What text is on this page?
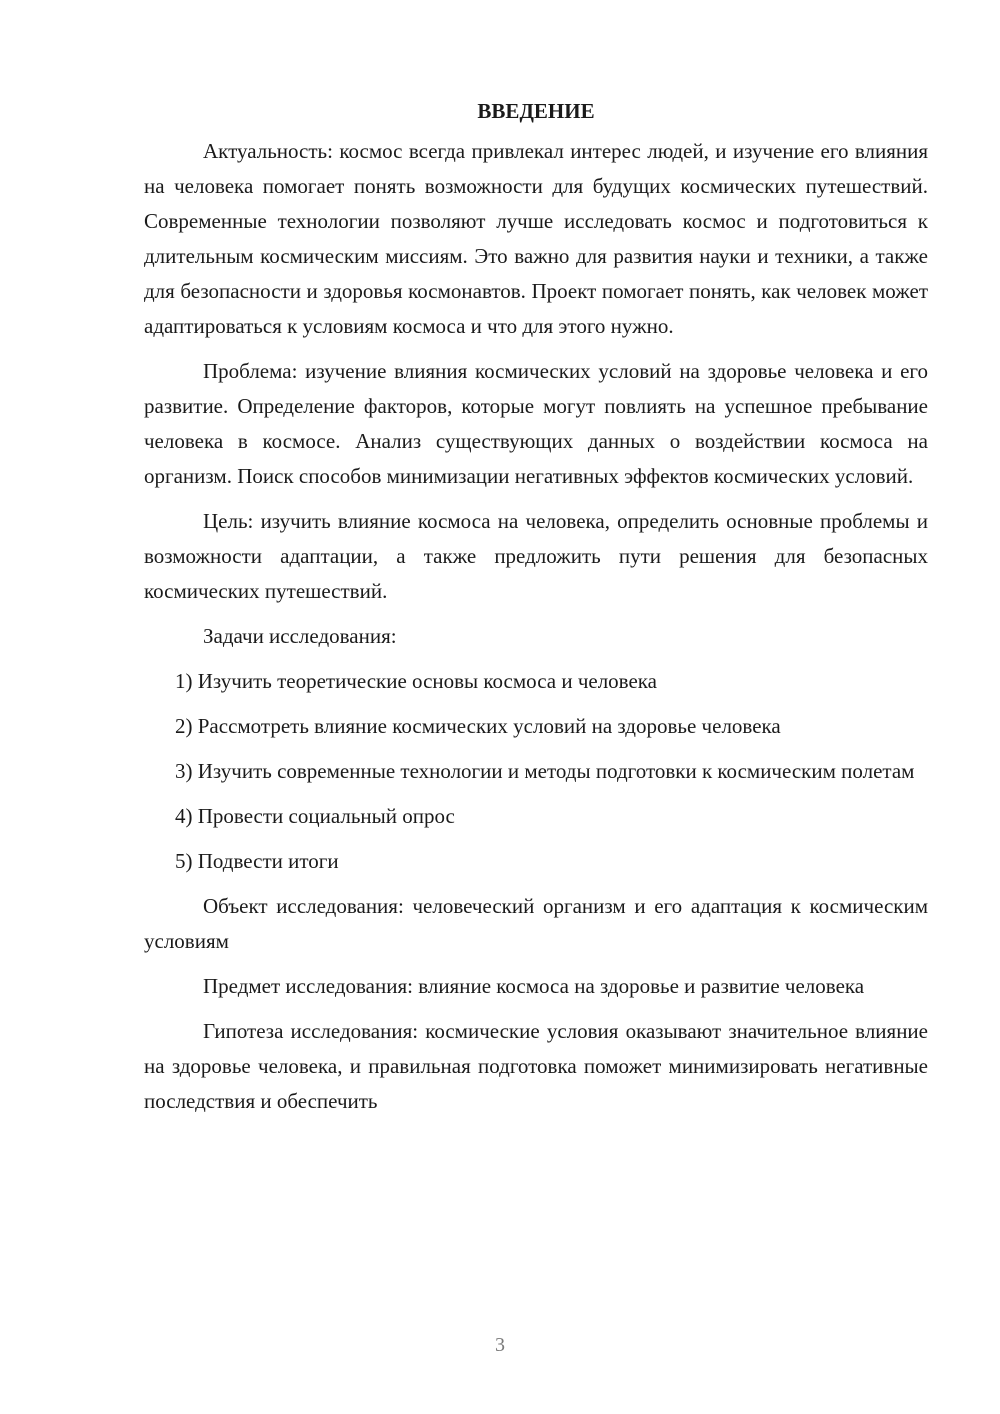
ВВЕДЕНИЕ

Актуальность: космос всегда привлекал интерес людей, и изучение его влияния на человека помогает понять возможности для будущих космических путешествий. Современные технологии позволяют лучше исследовать космос и подготовиться к длительным космическим миссиям. Это важно для развития науки и техники, а также для безопасности и здоровья космонавтов. Проект помогает понять, как человек может адаптироваться к условиям космоса и что для этого нужно.

Проблема: изучение влияния космических условий на здоровье человека и его развитие. Определение факторов, которые могут повлиять на успешное пребывание человека в космосе. Анализ существующих данных о воздействии космоса на организм. Поиск способов минимизации негативных эффектов космических условий.

Цель: изучить влияние космоса на человека, определить основные проблемы и возможности адаптации, а также предложить пути решения для безопасных космических путешествий.

Задачи исследования:

1) Изучить теоретические основы космоса и человека

2) Рассмотреть влияние космических условий на здоровье человека

3) Изучить современные технологии и методы подготовки к космическим полетам

4) Провести социальный опрос

5) Подвести итоги

Объект исследования: человеческий организм и его адаптация к космическим условиям

Предмет исследования: влияние космоса на здоровье и развитие человека

Гипотеза исследования: космические условия оказывают значительное влияние на здоровье человека, и правильная подготовка поможет минимизировать негативные последствия и обеспечить

3
